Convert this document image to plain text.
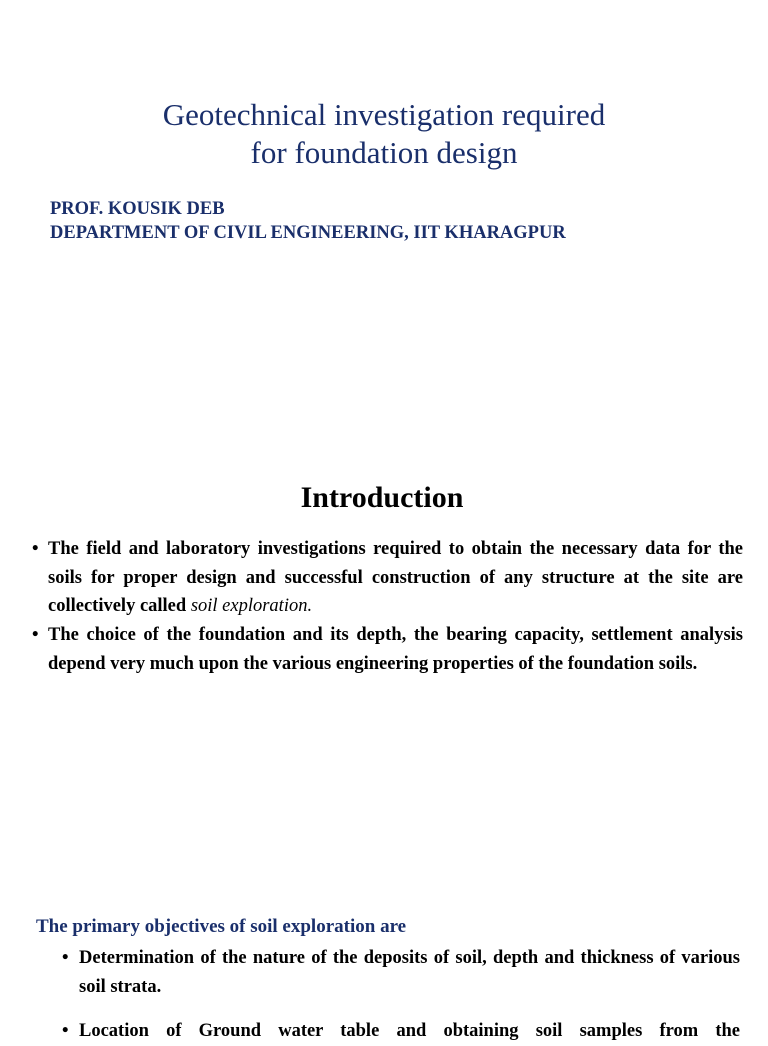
Geotechnical investigation required
for foundation design
PROF. KOUSIK DEB
DEPARTMENT OF CIVIL ENGINEERING, IIT KHARAGPUR
Introduction
• The field and laboratory investigations required to obtain the necessary data for the soils for proper design and successful construction of any structure at the site are collectively called soil exploration.
• The choice of the foundation and its depth, the bearing capacity, settlement analysis depend very much upon the various engineering properties of the foundation soils.
The primary objectives of soil exploration are
• Determination of the nature of the deposits of soil, depth and thickness of various soil strata.
• Location of Ground water table and obtaining soil samples from the
